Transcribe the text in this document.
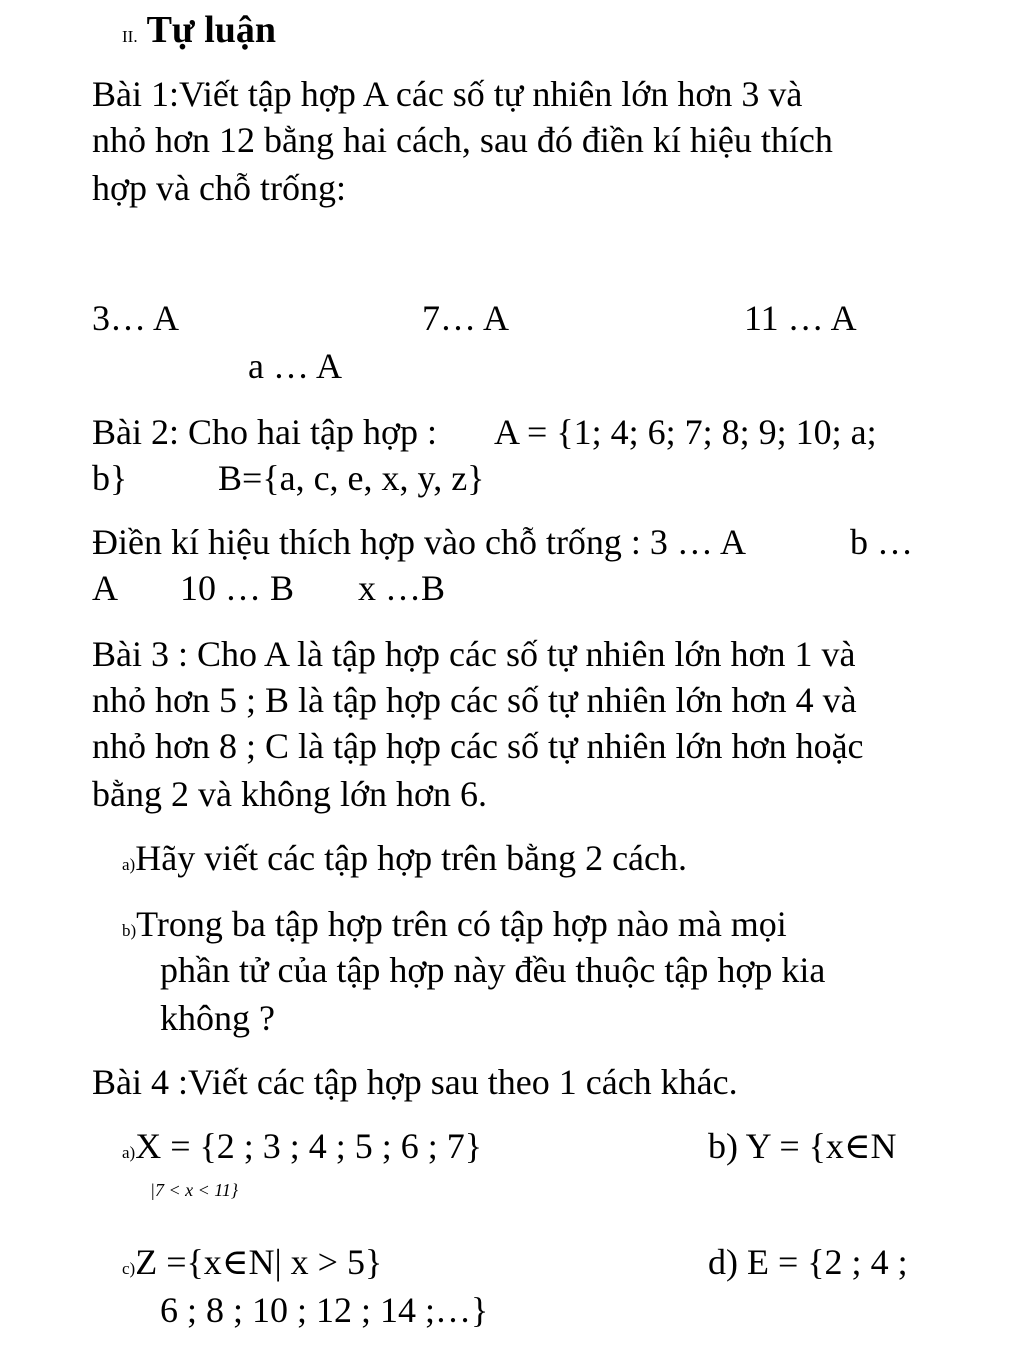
II. Tự luận
Bài 1:Viết tập hợp A các số tự nhiên lớn hơn 3 và
nhỏ hơn 12 bằng hai cách, sau đó điền kí hiệu thích
hợp và chỗ trống:
3… A	7… A	11 … A
a … A
Bài 2: Cho hai tập hợp : A = {1; 4; 6; 7; 8; 9; 10; a;
b}	B={a, c, e, x, y, z}
Điền kí hiệu thích hợp vào chỗ trống : 3 … A	b …
A 10 … B x …B
Bài 3 : Cho A là tập hợp các số tự nhiên lớn hơn 1 và
nhỏ hơn 5 ; B là tập hợp các số tự nhiên lớn hơn 4 và
nhỏ hơn 8 ; C là tập hợp các số tự nhiên lớn hơn hoặc
bằng 2 và không lớn hơn 6.
a)Hãy viết các tập hợp trên bằng 2 cách.
b)Trong ba tập hợp trên có tập hợp nào mà mọi
phần tử của tập hợp này đều thuộc tập hợp kia
không ?
Bài 4 :Viết các tập hợp sau theo 1 cách khác.
a)X = {2 ; 3 ; 4 ; 5 ; 6 ; 7}	b) Y = {x∈N
|7 < x < 11}
c)Z ={x∈N| x > 5}	d) E = {2 ; 4 ;
6 ; 8 ; 10 ; 12 ; 14 ;…}
